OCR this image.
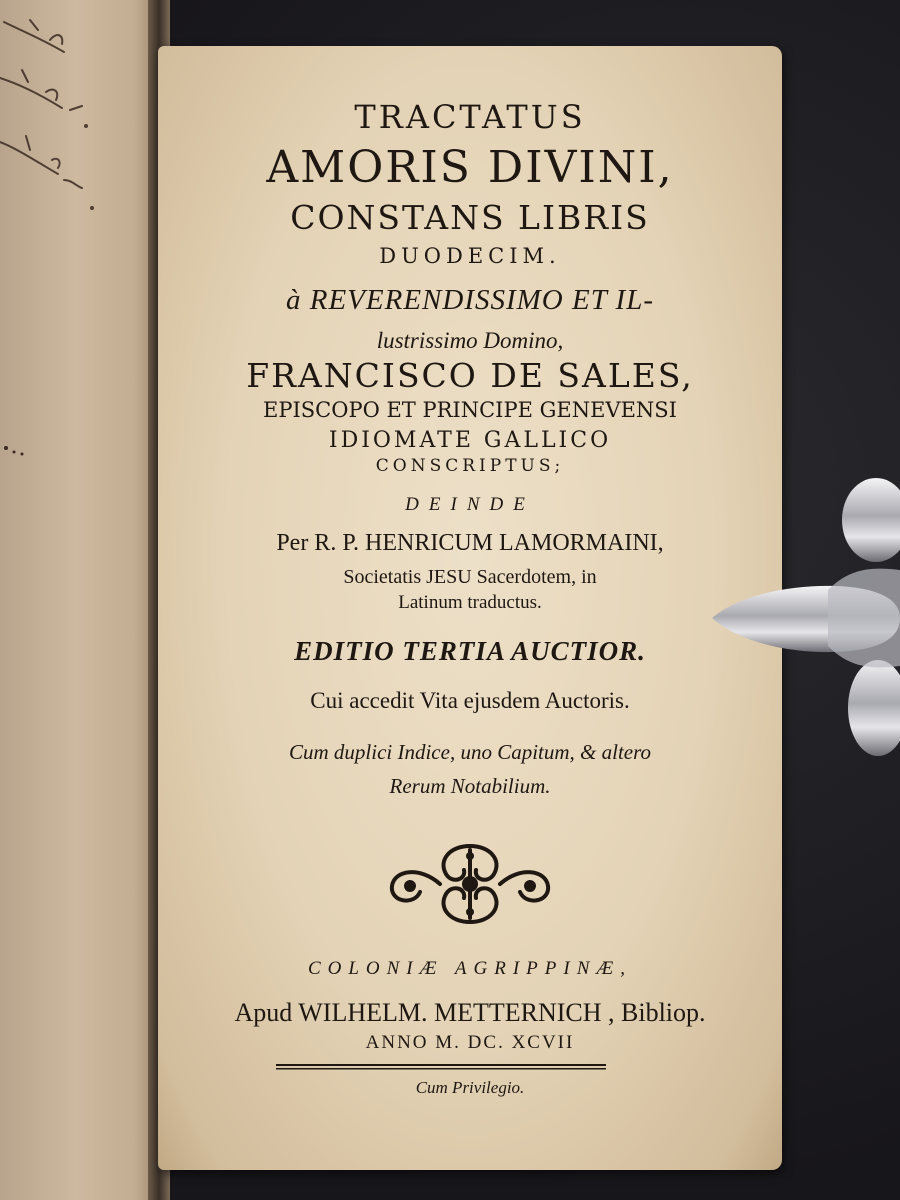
TRACTATUS
AMORIS DIVINI,
CONSTANS LIBRIS
DUODECIM.
à REVERENDISSIMO ET IL-
lustrissimo Domino,
FRANCISCO DE SALES,
EPISCOPO ET PRINCIPE GENEVENSI
IDIOMATE GALLICO
CONSCRIPTUS;
DEINDE
Per R. P. HENRICUM LAMORMAINI,
Societatis JESU Sacerdotem, in
Latinum traductus.
EDITIO TERTIA AUCTIOR.
Cui accedit Vita ejusdem Auctoris.
Cum duplici Indice, uno Capitum, & altero
Rerum Notabilium.
COLONIÆ AGRIPPINÆ,
Apud WILHELM. METTERNICH , Bibliop.
ANNO M. DC. XCVII
Cum Privilegio.
